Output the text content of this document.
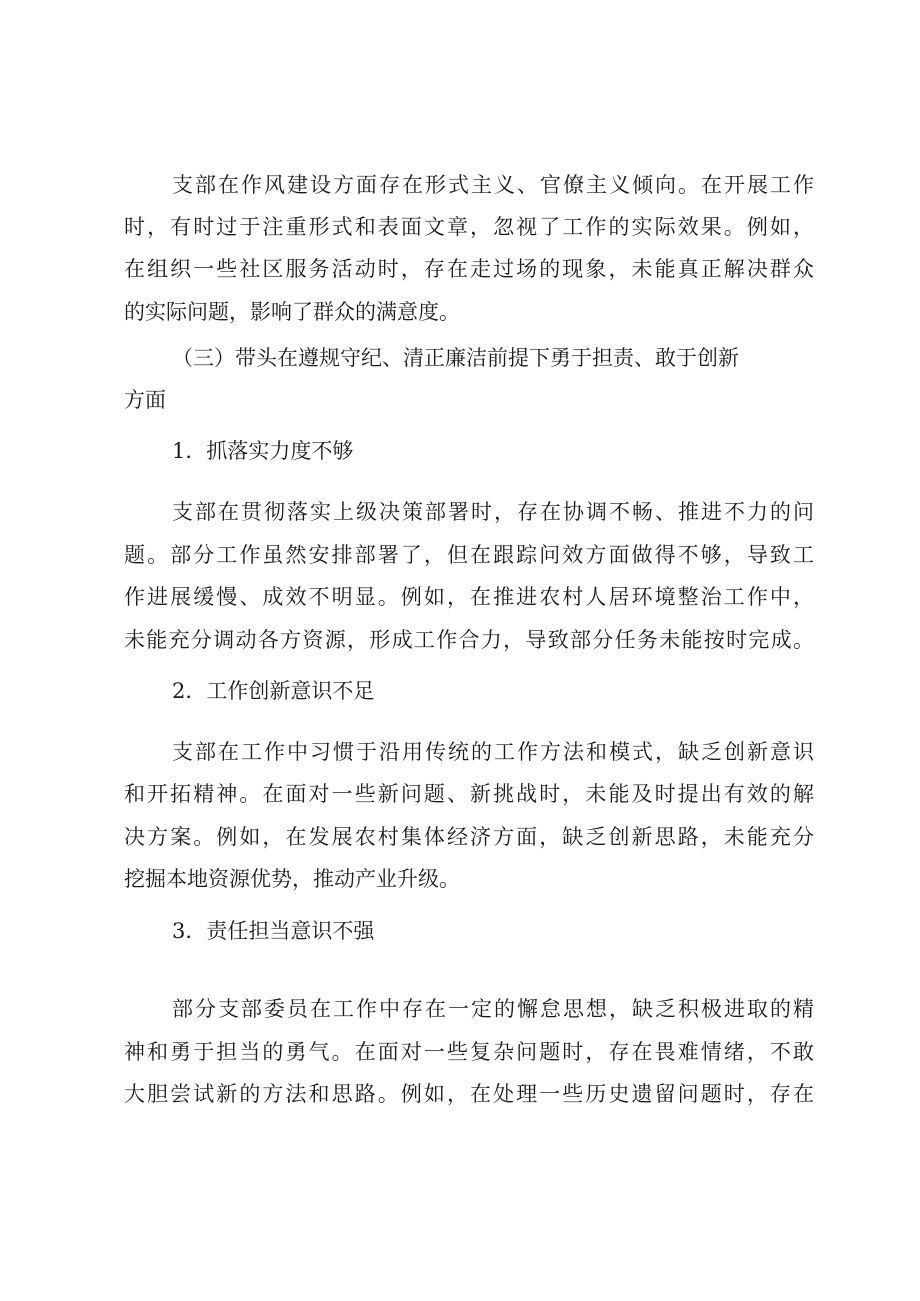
支部在作风建设方面存在形式主义、官僚主义倾向。在开展工作
时，有时过于注重形式和表面文章，忽视了工作的实际效果。例如，
在组织一些社区服务活动时，存在走过场的现象，未能真正解决群众
的实际问题，影响了群众的满意度。
（三）带头在遵规守纪、清正廉洁前提下勇于担责、敢于创新
方面
1．抓落实力度不够
支部在贯彻落实上级决策部署时，存在协调不畅、推进不力的问
题。部分工作虽然安排部署了，但在跟踪问效方面做得不够，导致工
作进展缓慢、成效不明显。例如，在推进农村人居环境整治工作中，
未能充分调动各方资源，形成工作合力，导致部分任务未能按时完成。
2．工作创新意识不足
支部在工作中习惯于沿用传统的工作方法和模式，缺乏创新意识
和开拓精神。在面对一些新问题、新挑战时，未能及时提出有效的解
决方案。例如，在发展农村集体经济方面，缺乏创新思路，未能充分
挖掘本地资源优势，推动产业升级。
3．责任担当意识不强
部分支部委员在工作中存在一定的懈怠思想，缺乏积极进取的精
神和勇于担当的勇气。在面对一些复杂问题时，存在畏难情绪，不敢
大胆尝试新的方法和思路。例如，在处理一些历史遗留问题时，存在
